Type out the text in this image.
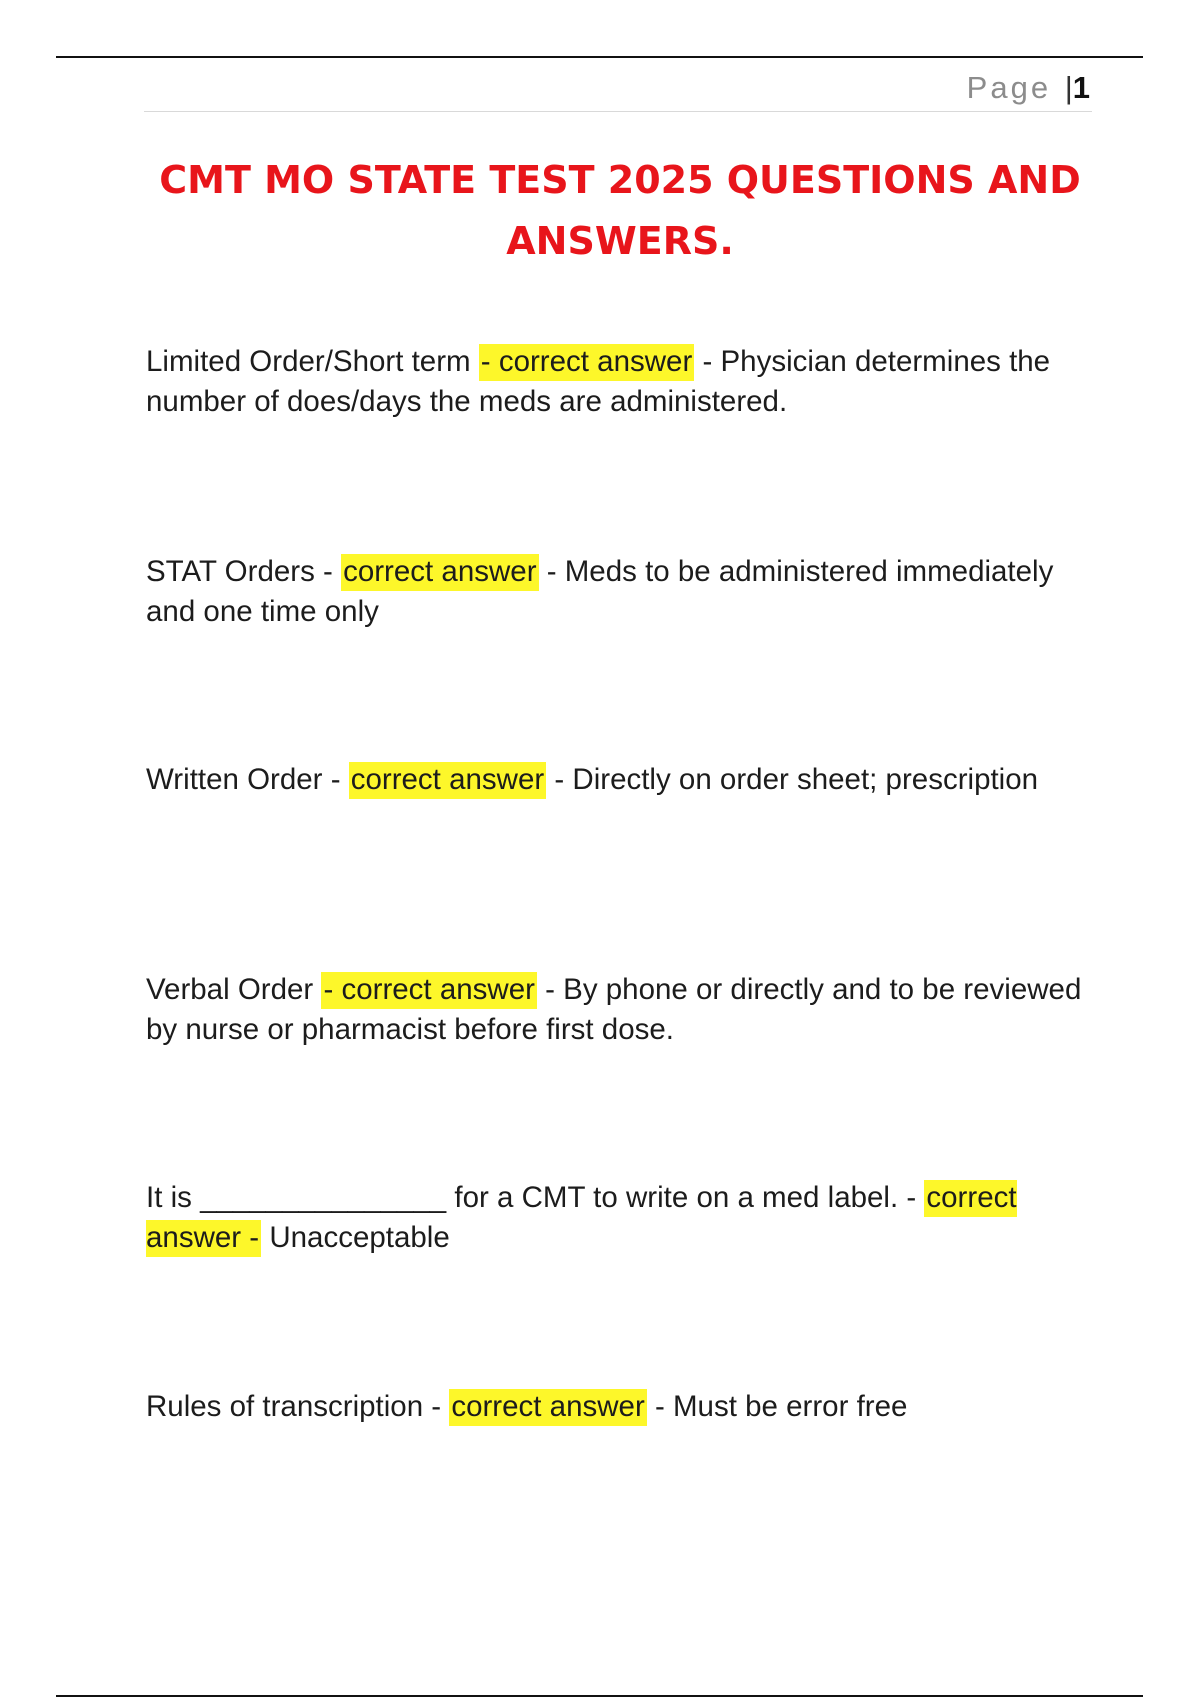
Page |1
CMT MO STATE TEST 2025 QUESTIONS AND ANSWERS.

Limited Order/Short term - correct answer - Physician determines the number of does/days the meds are administered.

STAT Orders - correct answer - Meds to be administered immediately and one time only

Written Order - correct answer - Directly on order sheet; prescription

Verbal Order - correct answer - By phone or directly and to be reviewed by nurse or pharmacist before first dose.

It is _______________ for a CMT to write on a med label. - correct answer - Unacceptable

Rules of transcription - correct answer - Must be error free
